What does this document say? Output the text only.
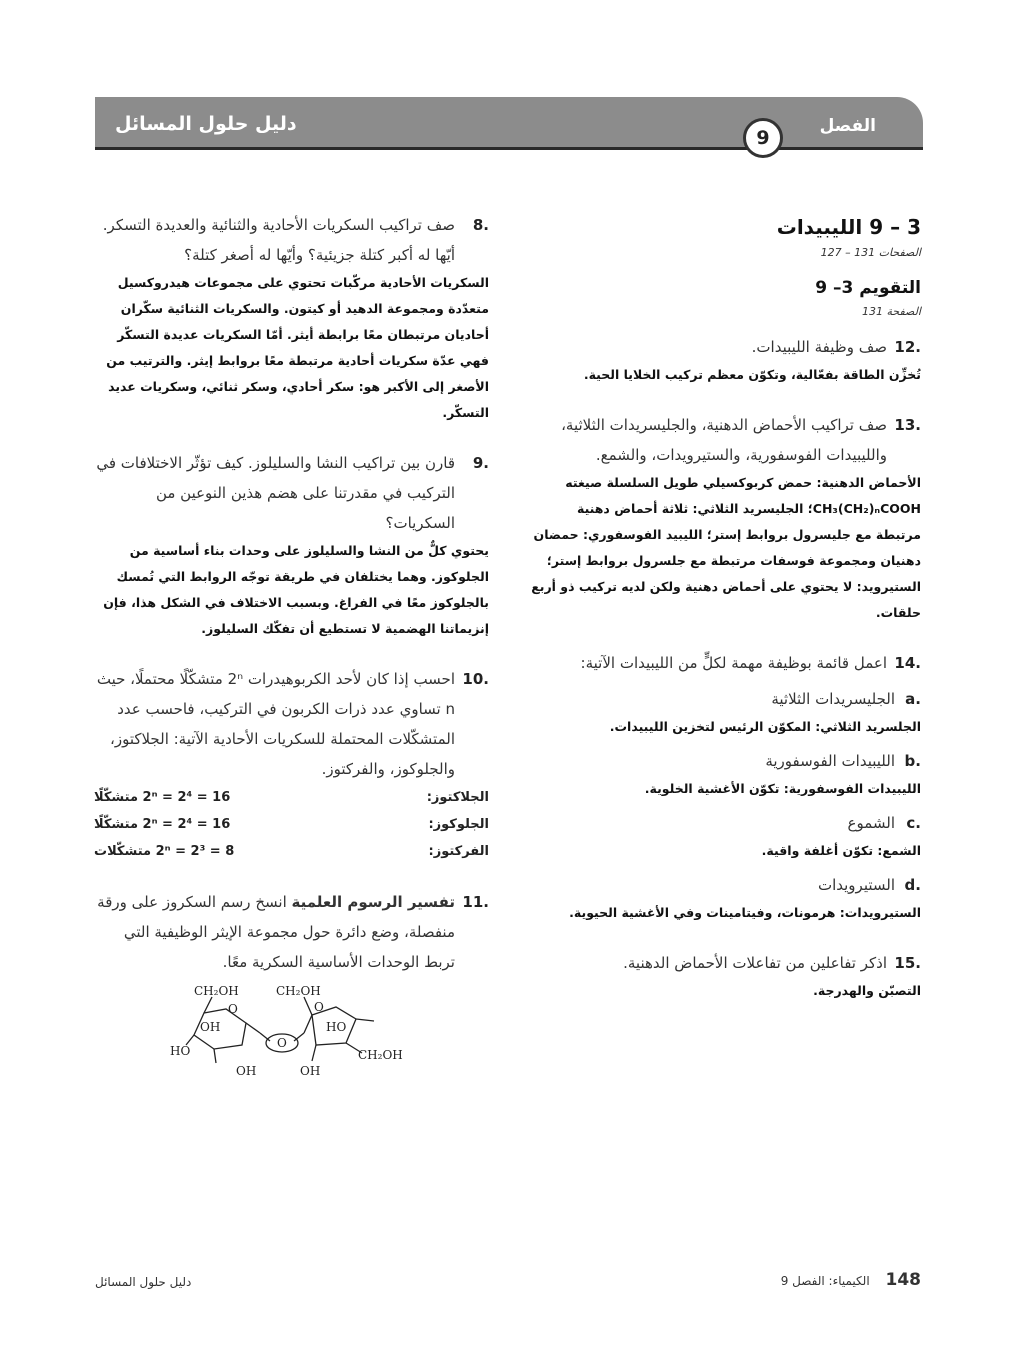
دليل حلول المسائل	الفصل
9
.8
صف تراكيب السكريات الأحادية والثنائية والعديدة التسكر. أيّها له أكبر كتلة جزيئية؟ وأيّها له أصغر كتلة؟
السكريات الأحادية مركّبات تحتوي على مجموعات هيدروكسيل متعدّدة ومجموعة الدهيد أو كيتون. والسكريات الثنائية سكّران أحاديان مرتبطان معًا برابطة أيثر. أمّا السكريات عديدة التسكّر فهي عدّة سكريات أحادية مرتبطة معًا بروابط إيثر. والترتيب من الأصغر إلى الأكبر هو: سكر أحادي، وسكر ثنائي، وسكريات عديد التسكّر.
.9
قارن بين تراكيب النشا والسليلوز. كيف تؤثّر الاختلافات في التركيب في مقدرتنا على هضم هذين النوعين من السكريات؟
يحتوي كلٌّ من النشا والسليلوز على وحدات بناء أساسية من الجلوكوز. وهما يختلفان في طريقة توجّه الروابط التي تُمسك بالجلوكوز معًا في الفراغ. وبسبب الاختلاف في الشكل هذا، فإن إنزيماتنا الهضمية لا تستطيع أن تفكّك السليلوز.
.10
احسب إذا كان لأحد الكربوهيدرات 2ⁿ متشكّلًا محتملًا، حيث n تساوي عدد ذرات الكربون في التركيب، فاحسب عدد المتشكّلات المحتملة للسكريات الأحادية الآتية: الجلاكتوز، والجلوكوز، والفركتوز.
الجلاكتوز:
2ⁿ = 2⁴ = 16 متشكّلًا
الجلوكوز:
2ⁿ = 2⁴ = 16 متشكّلًا
الفركتوز:
2ⁿ = 2³ = 8 متشكّلات
.11
تفسير الرسوم العلمية انسخ رسم السكروز على ورقة منفصلة، وضع دائرة حول مجموعة الإيثر الوظيفية التي تربط الوحدات الأساسية السكرية معًا.
CH₂OH	CH₂OH
CH₂OH
O	O
O
OH
HO
OH
HO
OH
3 – 9 الليبيدات
الصفحات 131 – 127
التقويم 3– 9
الصفحة 131
.12
صف وظيفة الليبيدات.
تُخزِّن الطاقة بفعّالية، وتكوّن معظم تركيب الخلايا الحية.
.13
صف تراكيب الأحماض الدهنية، والجليسريدات الثلاثية، والليبيدات الفوسفورية، والستيرويدات، والشمع.
الأحماض الدهنية: حمض كربوكسيلي طويل السلسلة صيغته CH₃(CH₂)ₙCOOH؛ الجليسريد الثلاثي: ثلاثة أحماض دهنية مرتبطة مع جليسرول بروابط إستر؛ الليبيد الفوسفوري: حمضان دهنيان ومجموعة فوسفات مرتبطة مع جلسرول بروابط إستر؛ الستيرويد: لا يحتوي على أحماض دهنية ولكن لديه تركيب ذو أربع حلقات.
.14
اعمل قائمة بوظيفة مهمة لكلٍّ من الليبيدات الآتية:
.a
الجليسريدات الثلاثية
الجلسريد الثلاثي: المكوّن الرئيس لتخزين الليبيدات.
.b
الليبيدات الفوسفورية
الليبيدات الفوسفورية: تكوّن الأغشية الخلوية.
.c
الشموع
الشمع: تكوّن أغلفة واقية.
.d
الستيرويدات
الستيرويدات: هرمونات، وفيتامينات وفي الأغشية الحيوية.
.15
اذكر تفاعلين من تفاعلات الأحماض الدهنية.
التصبّن والهدرجة.
دليل حلول المسائل	148 الكيمياء: الفصل 9
